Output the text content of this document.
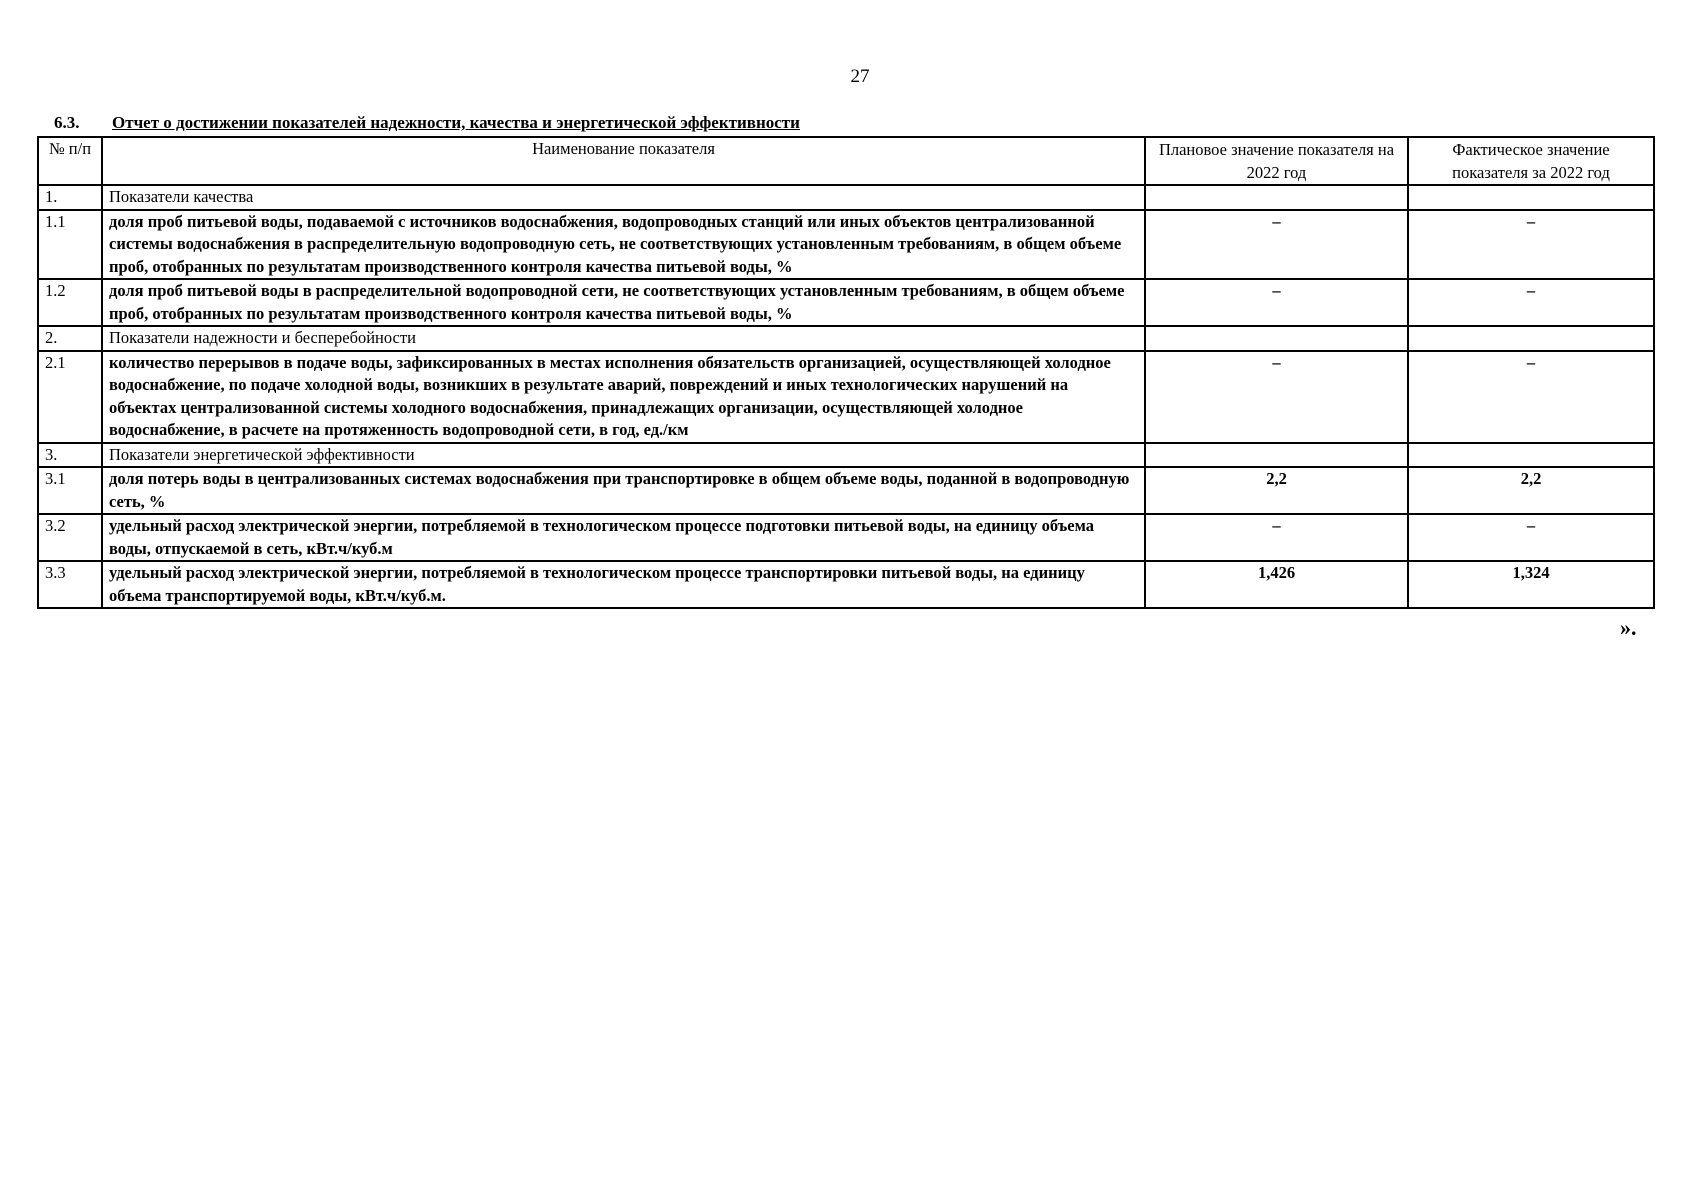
27
6.3. Отчет о достижении показателей надежности, качества и энергетической эффективности
№ п/п	Наименование показателя	Плановое значение показателя на 2022 год	Фактическое значение показателя за 2022 год
1.	Показатели качества		
1.1	доля проб питьевой воды, подаваемой с источников водоснабжения, водопроводных станций или иных объектов централизованной системы водоснабжения в распределительную водопроводную сеть, не соответствующих установленным требованиям, в общем объеме проб, отобранных по результатам производственного контроля качества питьевой воды, %	–	–
1.2	доля проб питьевой воды в распределительной водопроводной сети, не соответствующих установленным требованиям, в общем объеме проб, отобранных по результатам производственного контроля качества питьевой воды, %	–	–
2.	Показатели надежности и бесперебойности		
2.1	количество перерывов в подаче воды, зафиксированных в местах исполнения обязательств организацией, осуществляющей холодное водоснабжение, по подаче холодной воды, возникших в результате аварий, повреждений и иных технологических нарушений на объектах централизованной системы холодного водоснабжения, принадлежащих организации, осуществляющей холодное водоснабжение, в расчете на протяженность водопроводной сети, в год, ед./км	–	–
3.	Показатели энергетической эффективности		
3.1	доля потерь воды в централизованных системах водоснабжения при транспортировке в общем объеме воды, поданной в водопроводную сеть, %	2,2	2,2
3.2	удельный расход электрической энергии, потребляемой в технологическом процессе подготовки питьевой воды, на единицу объема воды, отпускаемой в сеть, кВт.ч/куб.м	–	–
3.3	удельный расход электрической энергии, потребляемой в технологическом процессе транспортировки питьевой воды, на единицу объема транспортируемой воды, кВт.ч/куб.м.	1,426	1,324
».
